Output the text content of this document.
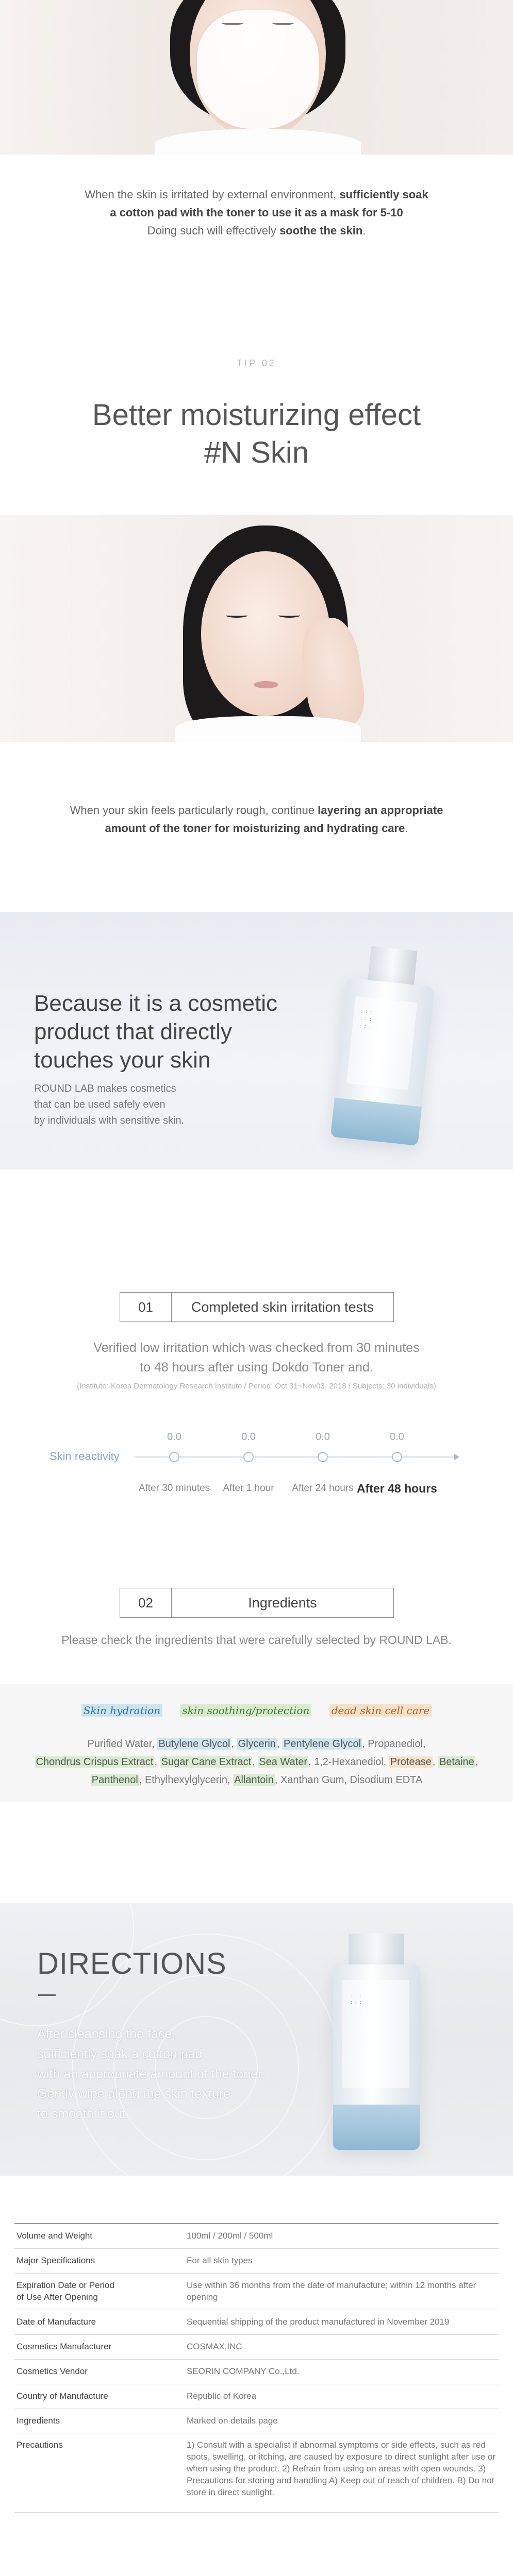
When the skin is irritated by external environment, sufficiently soak
a cotton pad with the toner to use it as a mask for 5-10
Doing such will effectively soothe the skin.
TIP 02
Better moisturizing effect
#N Skin
When your skin feels particularly rough, continue layering an appropriate
amount of the toner for moisturizing and hydrating care.
Because it is a cosmetic
product that directly
touches your skin
ROUND LAB makes cosmetics
that can be used safely even
by individuals with sensitive skin.
: : :
: : :
: : :
01	Completed skin irritation tests
Verified low irritation which was checked from 30 minutes
to 48 hours after using Dokdo Toner and.
(Institute: Korea Dermatology Research Institute / Period: Oct 31~Nov03, 2018 / Subjects: 30 individuals)
Skin reactivity
0.0
After 30 minutes
0.0
After 1 hour
0.0
After 24 hours
0.0
After 48 hours
02	Ingredients
Please check the ingredients that were carefully selected by ROUND LAB.
Skin hydration skin soothing/protection dead skin cell care
Purified Water, Butylene Glycol , Glycerin , Pentylene Glycol , Propanediol,
Chondrus Crispus Extract , Sugar Cane Extract , Sea Water , 1,2-Hexanediol, Protease , Betaine ,
Panthenol , Ethylhexylglycerin, Allantoin , Xanthan Gum, Disodium EDTA
DIRECTIONS
After cleansing the face,
sufficiently soak a cotton pad
with an appropriate amount of the toner.
Gently wipe along the skin texture
to smooth it out.
: : :
: : :
: : :
Volume and Weight	100ml / 200ml / 500ml
Major Specifications	For all skin types
Expiration Date or Period
of Use After Opening	Use within 36 months from the date of manufacture; within 12 months after opening
Date of Manufacture	Sequential shipping of the product manufactured in November 2019
Cosmetics Manufacturer	COSMAX,INC
Cosmetics Vendor	SEORIN COMPANY Co.,Ltd.
Country of Manufacture	Republic of Korea
Ingredients	Marked on details page
Precautions	1) Consult with a specialist if abnormal symptoms or side effects, such as red spots, swelling, or itching, are caused by exposure to direct sunlight after use or when using the product. 2) Refrain from using on areas with open wounds. 3) Precautions for storing and handling A) Keep out of reach of children. B) Do not store in direct sunlight.
